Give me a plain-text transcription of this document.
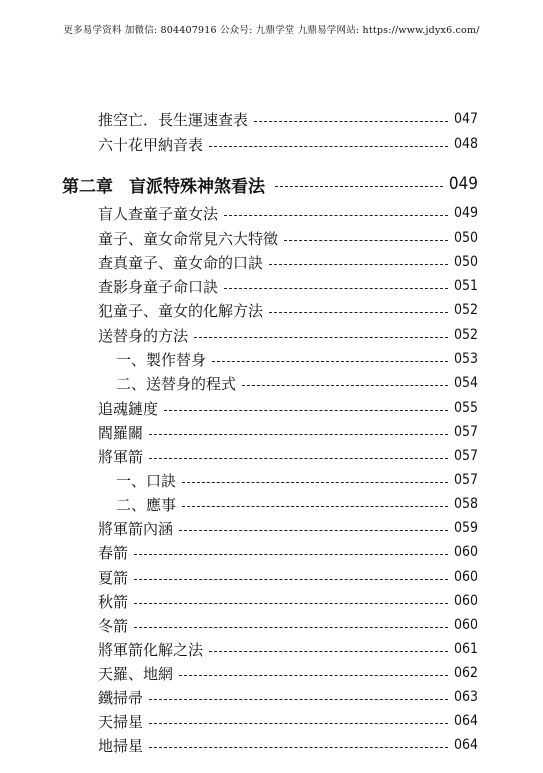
更多易学资料 加微信: 804407916 公众号: 九鼎学堂 九鼎易学网站: https://www.jdyx6.com/
推空亡．長生運速查表	047
六十花甲納音表	048
第二章 盲派特殊神煞看法	049
盲人查童子童女法	049
童子、童女命常見六大特徵	050
查真童子、童女命的口訣	050
查影身童子命口訣	051
犯童子、童女的化解方法	052
送替身的方法	052
一、製作替身	053
二、送替身的程式	054
追魂鏈度	055
閻羅關	057
將軍箭	057
一、口訣	057
二、應事	058
將軍箭內涵	059
春箭	060
夏箭	060
秋箭	060
冬箭	060
將軍箭化解之法	061
天羅、地網	062
鐵掃帚	063
天掃星	064
地掃星	064
